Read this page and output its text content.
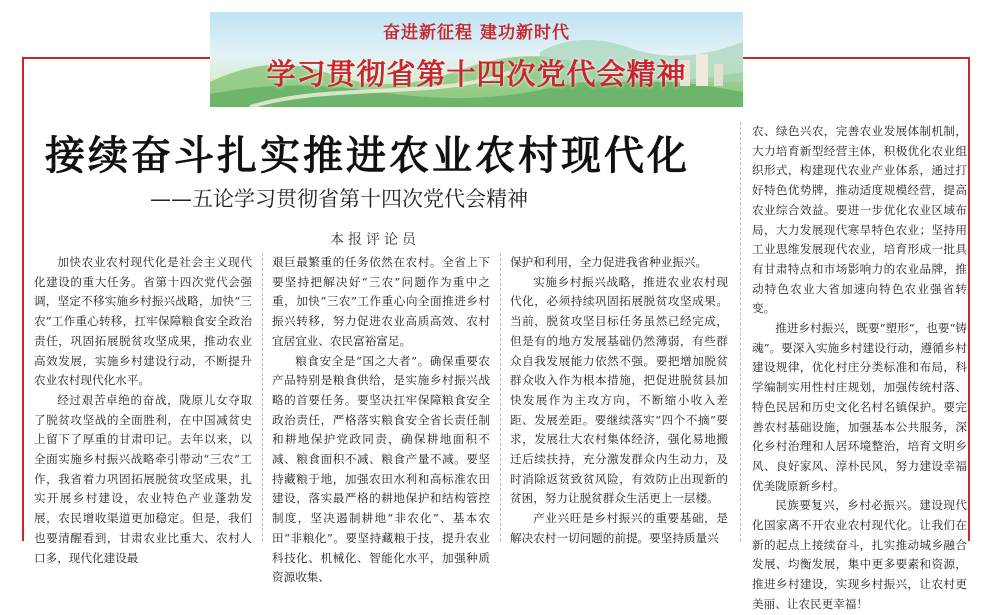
奋进新征程 建功新时代
学习贯彻省第十四次党代会精神
接续奋斗扎实推进农业农村现代化
——五论学习贯彻省第十四次党代会精神
本报评论员

加快农业农村现代化是社会主义现代化建设的重大任务。省第十四次党代会强调，坚定不移实施乡村振兴战略，加快“三农”工作重心转移，扛牢保障粮食安全政治责任，巩固拓展脱贫攻坚成果，推动农业高效发展，实施乡村建设行动，不断提升农业农村现代化水平。

经过艰苦卓绝的奋战，陇原儿女夺取了脱贫攻坚战的全面胜利，在中国减贫史上留下了厚重的甘肃印记。去年以来，以全面实施乡村振兴战略牵引带动“三农”工作，我省着力巩固拓展脱贫攻坚成果，扎实开展乡村建设，农业特色产业蓬勃发展，农民增收渠道更加稳定。但是，我们也要清醒看到，甘肃农业比重大、农村人口多，现代化建设最

艰巨最繁重的任务依然在农村。全省上下要坚持把解决好“三农”问题作为重中之重，加快“三农”工作重心向全面推进乡村振兴转移，努力促进农业高质高效、农村宜居宜业、农民富裕富足。

粮食安全是“国之大者”。确保重要农产品特别是粮食供给，是实施乡村振兴战略的首要任务。要坚决扛牢保障粮食安全政治责任，严格落实粮食安全省长责任制和耕地保护党政同责，确保耕地面积不减、粮食面积不减、粮食产量不减。要坚持藏粮于地，加强农田水利和高标准农田建设，落实最严格的耕地保护和结构管控制度，坚决遏制耕地“非农化”、基本农田“非粮化”。要坚持藏粮于技，提升农业科技化、机械化、智能化水平，加强种质资源收集、

保护和利用，全力促进我省种业振兴。

实施乡村振兴战略，推进农业农村现代化，必须持续巩固拓展脱贫攻坚成果。当前，脱贫攻坚目标任务虽然已经完成，但是有的地方发展基础仍然薄弱，有些群众自我发展能力依然不强。要把增加脱贫群众收入作为根本措施，把促进脱贫县加快发展作为主攻方向，不断缩小收入差距、发展差距。要继续落实“四个不摘”要求，发展壮大农村集体经济，强化易地搬迁后续扶持，充分激发群众内生动力，及时消除返贫致贫风险，有效防止出现新的贫困，努力让脱贫群众生活更上一层楼。

产业兴旺是乡村振兴的重要基础，是解决农村一切问题的前提。要坚持质量兴

农、绿色兴农，完善农业发展体制机制，大力培育新型经营主体，积极优化农业组织形式，构建现代农业产业体系，通过打好特色优势牌，推动适度规模经营，提高农业综合效益。要进一步优化农业区域布局，大力发展现代寒旱特色农业；坚持用工业思维发展现代农业，培育形成一批具有甘肃特点和市场影响力的农业品牌，推动特色农业大省加速向特色农业强省转变。

推进乡村振兴，既要“塑形”，也要“铸魂”。要深入实施乡村建设行动，遵循乡村建设规律，优化村庄分类标准和布局，科学编制实用性村庄规划，加强传统村落、特色民居和历史文化名村名镇保护。要完善农村基础设施，加强基本公共服务，深化乡村治理和人居环境整治，培育文明乡风、良好家风、淳朴民风，努力建设幸福优美陇原新乡村。

民族要复兴，乡村必振兴。建设现代化国家离不开农业农村现代化。让我们在新的起点上接续奋斗，扎实推动城乡融合发展、均衡发展，集中更多要素和资源，推进乡村建设，实现乡村振兴，让农村更美丽、让农民更幸福！
